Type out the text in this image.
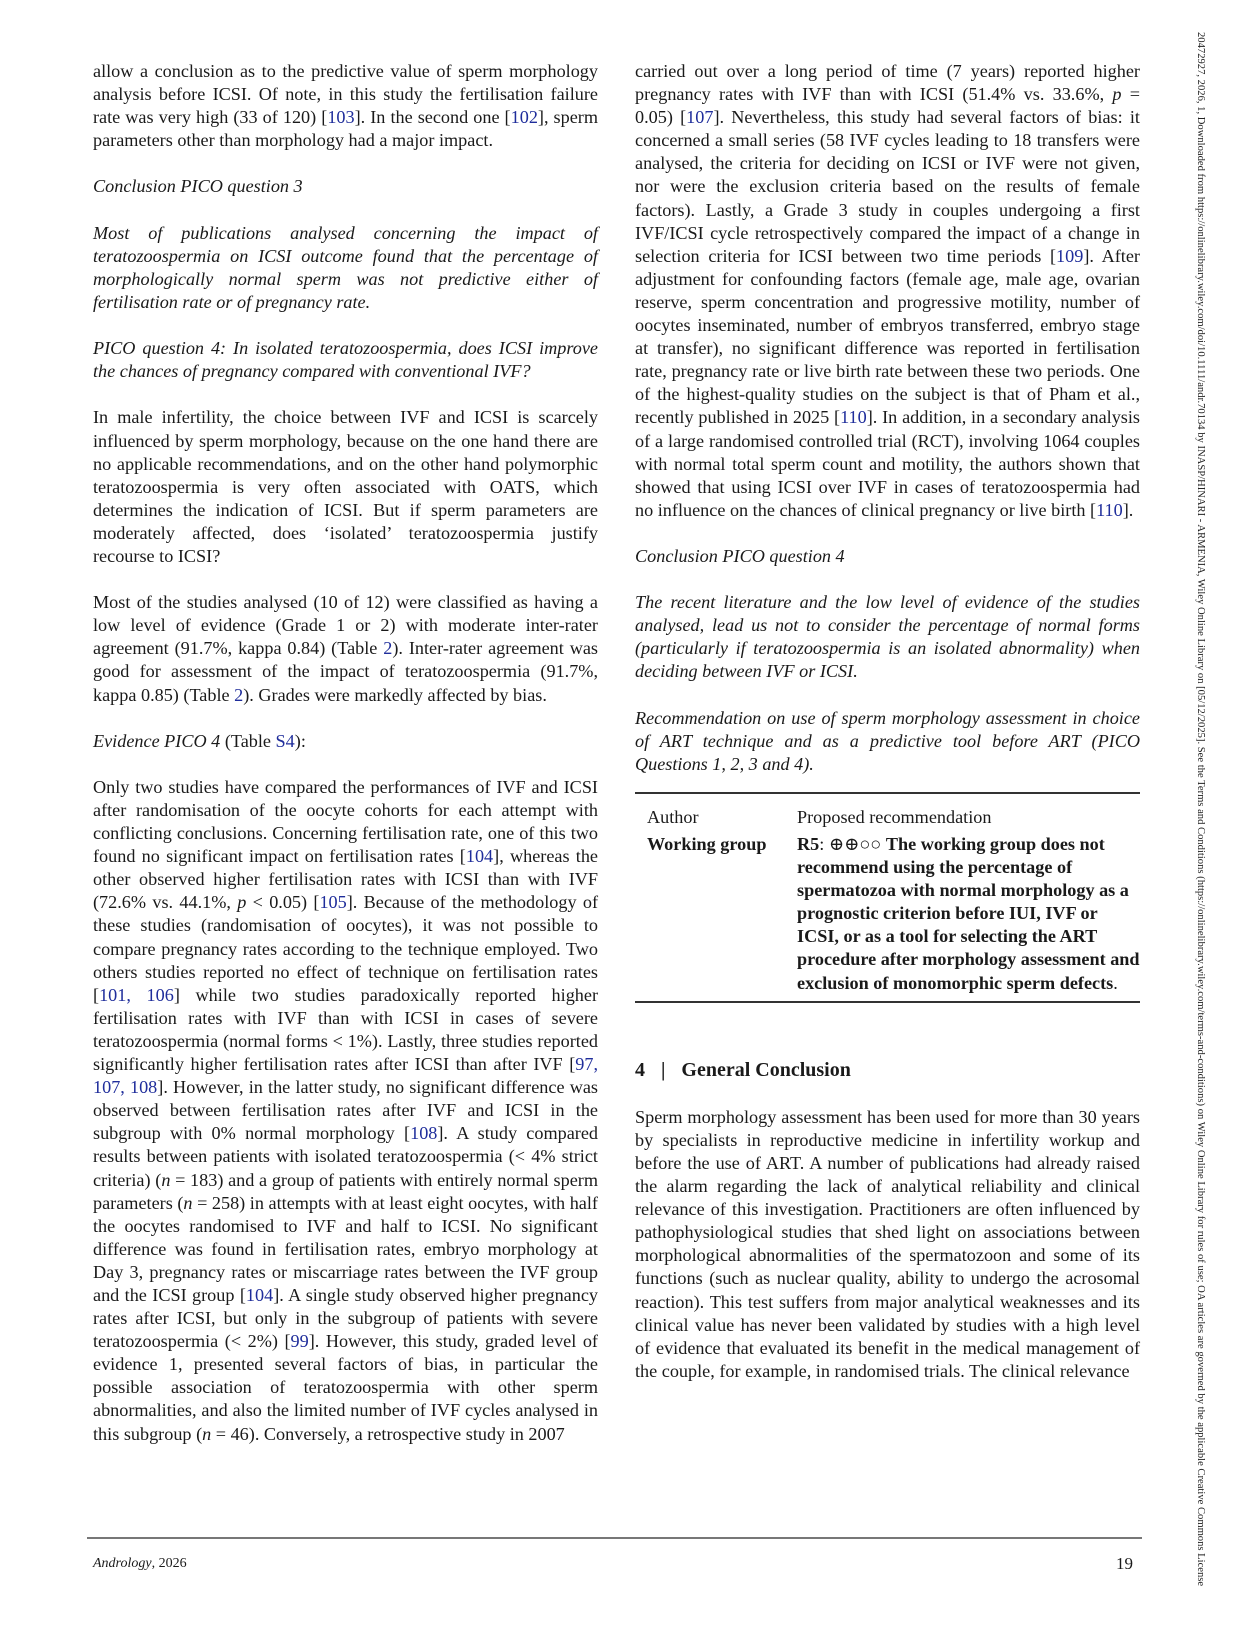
allow a conclusion as to the predictive value of sperm morphology analysis before ICSI. Of note, in this study the fertilisation failure rate was very high (33 of 120) [103]. In the second one [102], sperm parameters other than morphology had a major impact.

Conclusion PICO question 3

Most of publications analysed concerning the impact of teratozoospermia on ICSI outcome found that the percentage of morphologically normal sperm was not predictive either of fertilisation rate or of pregnancy rate.

PICO question 4: In isolated teratozoospermia, does ICSI improve the chances of pregnancy compared with conventional IVF?

In male infertility, the choice between IVF and ICSI is scarcely influenced by sperm morphology, because on the one hand there are no applicable recommendations, and on the other hand polymorphic teratozoospermia is very often associated with OATS, which determines the indication of ICSI. But if sperm parameters are moderately affected, does ‘isolated’ teratozoospermia justify recourse to ICSI?

Most of the studies analysed (10 of 12) were classified as having a low level of evidence (Grade 1 or 2) with moderate inter-rater agreement (91.7%, kappa 0.84) (Table 2). Inter-rater agreement was good for assessment of the impact of teratozoospermia (91.7%, kappa 0.85) (Table 2). Grades were markedly affected by bias.

Evidence PICO 4 (Table S4):

Only two studies have compared the performances of IVF and ICSI after randomisation of the oocyte cohorts for each attempt with conflicting conclusions. Concerning fertilisation rate, one of this two found no significant impact on fertilisation rates [104], whereas the other observed higher fertilisation rates with ICSI than with IVF (72.6% vs. 44.1%, p < 0.05) [105]. Because of the methodology of these studies (randomisation of oocytes), it was not possible to compare pregnancy rates according to the technique employed. Two others studies reported no effect of technique on fertilisation rates [101, 106] while two studies paradoxically reported higher fertilisation rates with IVF than with ICSI in cases of severe teratozoospermia (normal forms < 1%). Lastly, three studies reported significantly higher fertilisation rates after ICSI than after IVF [97, 107, 108]. However, in the latter study, no significant difference was observed between fertilisation rates after IVF and ICSI in the subgroup with 0% normal morphology [108]. A study compared results between patients with isolated teratozoospermia (< 4% strict criteria) (n = 183) and a group of patients with entirely normal sperm parameters (n = 258) in attempts with at least eight oocytes, with half the oocytes randomised to IVF and half to ICSI. No significant difference was found in fertilisation rates, embryo morphology at Day 3, pregnancy rates or miscarriage rates between the IVF group and the ICSI group [104]. A single study observed higher pregnancy rates after ICSI, but only in the subgroup of patients with severe teratozoospermia (< 2%) [99]. However, this study, graded level of evidence 1, presented several factors of bias, in particular the possible association of teratozoospermia with other sperm abnormalities, and also the limited number of IVF cycles analysed in this subgroup (n = 46). Conversely, a retrospective study in 2007

carried out over a long period of time (7 years) reported higher pregnancy rates with IVF than with ICSI (51.4% vs. 33.6%, p = 0.05) [107]. Nevertheless, this study had several factors of bias: it concerned a small series (58 IVF cycles leading to 18 transfers were analysed, the criteria for deciding on ICSI or IVF were not given, nor were the exclusion criteria based on the results of female factors). Lastly, a Grade 3 study in couples undergoing a first IVF/ICSI cycle retrospectively compared the impact of a change in selection criteria for ICSI between two time periods [109]. After adjustment for confounding factors (female age, male age, ovarian reserve, sperm concentration and progressive motility, number of oocytes inseminated, number of embryos transferred, embryo stage at transfer), no significant difference was reported in fertilisation rate, pregnancy rate or live birth rate between these two periods. One of the highest-quality studies on the subject is that of Pham et al., recently published in 2025 [110]. In addition, in a secondary analysis of a large randomised controlled trial (RCT), involving 1064 couples with normal total sperm count and motility, the authors shown that showed that using ICSI over IVF in cases of teratozoospermia had no influence on the chances of clinical pregnancy or live birth [110].

Conclusion PICO question 4

The recent literature and the low level of evidence of the studies analysed, lead us not to consider the percentage of normal forms (particularly if teratozoospermia is an isolated abnormality) when deciding between IVF or ICSI.

Recommendation on use of sperm morphology assessment in choice of ART technique and as a predictive tool before ART (PICO Questions 1, 2, 3 and 4).

Author	Proposed recommendation
Working group	R5: ⊕⊕○○ The working group does not recommend using the percentage of spermatozoa with normal morphology as a prognostic criterion before IUI, IVF or ICSI, or as a tool for selecting the ART procedure after morphology assessment and exclusion of monomorphic sperm defects.
4 | General Conclusion

Sperm morphology assessment has been used for more than 30 years by specialists in reproductive medicine in infertility workup and before the use of ART. A number of publications had already raised the alarm regarding the lack of analytical reliability and clinical relevance of this investigation. Practitioners are often influenced by pathophysiological studies that shed light on associations between morphological abnormalities of the spermatozoon and some of its functions (such as nuclear quality, ability to undergo the acrosomal reaction). This test suffers from major analytical weaknesses and its clinical value has never been validated by studies with a high level of evidence that evaluated its benefit in the medical management of the couple, for example, in randomised trials. The clinical relevance

Andrology, 2026	19	20472927, 2026, 1, Downloaded from https://onlinelibrary.wiley.com/doi/10.1111/andr.70134 by INASP/HINARI - ARMENIA, Wiley Online Library on [05/12/2025]. See the Terms and Conditions (https://onlinelibrary.wiley.com/terms-and-conditions) on Wiley Online Library for rules of use; OA articles are governed by the applicable Creative Commons License
